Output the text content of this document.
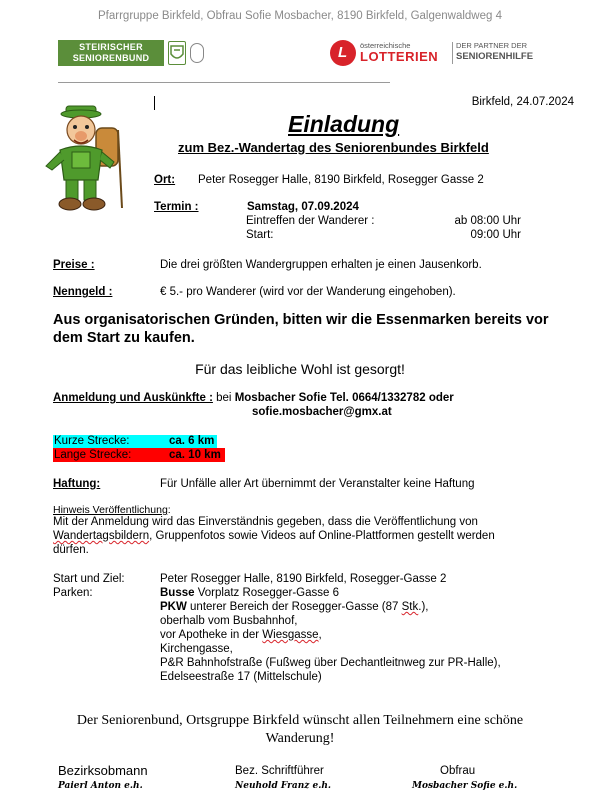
Pfarrgruppe Birkfeld, Obfrau Sofie Mosbacher, 8190 Birkfeld, Galgenwaldweg 4
STEIRISCHER
SENIORENBUND	L österreichische
LOTTERIEN
DER PARTNER DER
SENIORENHILFE
Birkfeld, 24.07.2024
Einladung
zum Bez.-Wandertag des Seniorenbundes Birkfeld
Ort: Peter Rosegger Halle, 8190 Birkfeld, Rosegger Gasse 2
Termin :	Samstag, 07.09.2024
Eintreffen der Wanderer :	ab 08:00 Uhr
Start:	09:00 Uhr
Preise :	Die drei größten Wandergruppen erhalten je einen Jausenkorb.
Nenngeld :	€ 5.- pro Wanderer (wird vor der Wanderung eingehoben).
Aus organisatorischen Gründen, bitten wir die Essenmarken bereits vor
dem Start zu kaufen.
Für das leibliche Wohl ist gesorgt!
Anmeldung und Auskünkfte : bei Mosbacher Sofie Tel. 0664/1332782 oder
sofie.mosbacher@gmx.at
Kurze Strecke:	ca. 6 km
Lange Strecke:	ca. 10 km
Haftung:	Für Unfälle aller Art übernimmt der Veranstalter keine Haftung
Hinweis Veröffentlichung:
Mit der Anmeldung wird das Einverständnis gegeben, dass die Veröffentlichung von
Wandertagsbildern, Gruppenfotos sowie Videos auf Online-Plattformen gestellt werden
dürfen.
Start und Ziel:	Peter Rosegger Halle, 8190 Birkfeld, Rosegger-Gasse 2
Parken:	Busse Vorplatz Rosegger-Gasse 6
PKW unterer Bereich der Rosegger-Gasse (87 Stk.),
oberhalb vom Busbahnhof,
vor Apotheke in der Wiesgasse,
Kirchengasse,
P&R Bahnhofstraße (Fußweg über Dechantleitnweg zur PR-Halle),
Edelseestraße 17 (Mittelschule)
Der Seniorenbund, Ortsgruppe Birkfeld wünscht allen Teilnehmern eine schöne
Wanderung!
Bezirksobmann
Paierl Anton e.h.
Bez. Schriftführer
Neuhold Franz e.h.
Obfrau
Mosbacher Sofie e.h.
